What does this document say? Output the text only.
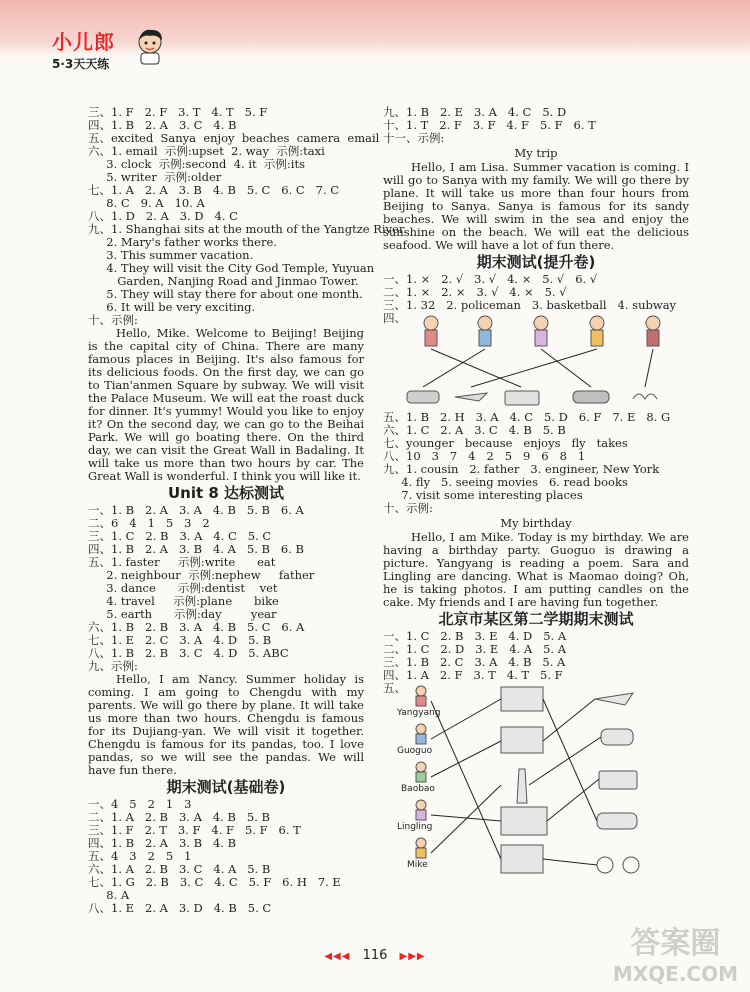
小儿郎
5·3天天练
三、1. F   2. F   3. T   4. T   5. F
四、1. B   2. A   3. C   4. B
五、excited  Sanya  enjoy  beaches  camera  email
六、1. email  示例:upset  2. way  示例:taxi
3. clock  示例:second  4. it  示例:its
5. writer  示例:older
七、1. A   2. A   3. B   4. B   5. C   6. C   7. C
8. C   9. A   10. A
八、1. D   2. A   3. D   4. C
九、1. Shanghai sits at the mouth of the Yangtze River.
2. Mary's father works there.
3. This summer vacation.
4. They will visit the City God Temple, Yuyuan
Garden, Nanjing Road and Jinmao Tower.
5. They will stay there for about one month.
6. It will be very exciting.
十、示例:
Hello, Mike. Welcome to Beijing! Beijing is the capital city of China. There are many famous places in Beijing. It's also famous for its delicious foods. On the first day, we can go to Tian'anmen Square by subway. We will visit the Palace Museum. We will eat the roast duck for dinner. It's yummy! Would you like to enjoy it? On the second day, we can go to the Beihai Park. We will go boating there. On the third day, we can visit the Great Wall in Badaling. It will take us more than two hours by car. The Great Wall is wonderful. I think you will like it.
Unit 8 达标测试
一、1. B   2. A   3. A   4. B   5. B   6. A
二、6   4   1   5   3   2
三、1. C   2. B   3. A   4. C   5. C
四、1. B   2. A   3. B   4. A   5. B   6. B
五、1. faster     示例:write      eat
2. neighbour  示例:nephew     father
3. dance      示例:dentist    vet
4. travel     示例:plane      bike
5. earth      示例:day        year
六、1. B   2. B   3. A   4. B   5. C   6. A
七、1. E   2. C   3. A   4. D   5. B
八、1. B   2. B   3. C   4. D   5. ABC
九、示例:
Hello, I am Nancy. Summer holiday is coming. I am going to Chengdu with my parents. We will go there by plane. It will take us more than two hours. Chengdu is famous for its Dujiang-yan. We will visit it together. Chengdu is famous for its pandas, too. I love pandas, so we will see the pandas. We will have fun there.
期末测试(基础卷)
一、4   5   2   1   3
二、1. A   2. B   3. A   4. B   5. B
三、1. F   2. T   3. F   4. F   5. F   6. T
四、1. B   2. A   3. B   4. B
五、4   3   2   5   1
六、1. A   2. B   3. C   4. A   5. B
七、1. G   2. B   3. C   4. C   5. F   6. H   7. E
8. A
八、1. E   2. A   3. D   4. B   5. C
九、1. B   2. E   3. A   4. C   5. D
十、1. T   2. F   3. F   4. F   5. F   6. T
十一、示例:
My trip
Hello, I am Lisa. Summer vacation is coming. I will go to Sanya with my family. We will go there by plane. It will take us more than four hours from Beijing to Sanya. Sanya is famous for its sandy beaches. We will swim in the sea and enjoy the sunshine on the beach. We will eat the delicious seafood. We will have a lot of fun there.
期末测试(提升卷)
一、1. ×   2. √   3. √   4. ×   5. √   6. √
二、1. ×   2. ×   3. √   4. ×   5. √
三、1. 32   2. policeman   3. basketball   4. subway
四、
五、1. B   2. H   3. A   4. C   5. D   6. F   7. E   8. G
六、1. C   2. A   3. C   4. B   5. B
七、younger   because   enjoys   fly   takes
八、10   3   7   4   2   5   9   6   8   1
九、1. cousin   2. father   3. engineer, New York
4. fly   5. seeing movies   6. read books
7. visit some interesting places
十、示例:
My birthday
Hello, I am Mike. Today is my birthday. We are having a birthday party. Guoguo is drawing a picture. Yangyang is reading a poem. Sara and Lingling are dancing. What is Maomao doing? Oh, he is taking photos. I am putting candles on the cake. My friends and I are having fun together.
北京市某区第二学期期末测试
一、1. C   2. B   3. E   4. D   5. A
二、1. C   2. D   3. E   4. A   5. A
三、1. B   2. C   3. A   4. B   5. A
四、1. A   2. F   3. T   4. T   5. F
五、
Yangyang
Guoguo
Baobao
Lingling
Mike
◀◀◀ 116 ▶▶▶	答案圈
MXQE.COM
